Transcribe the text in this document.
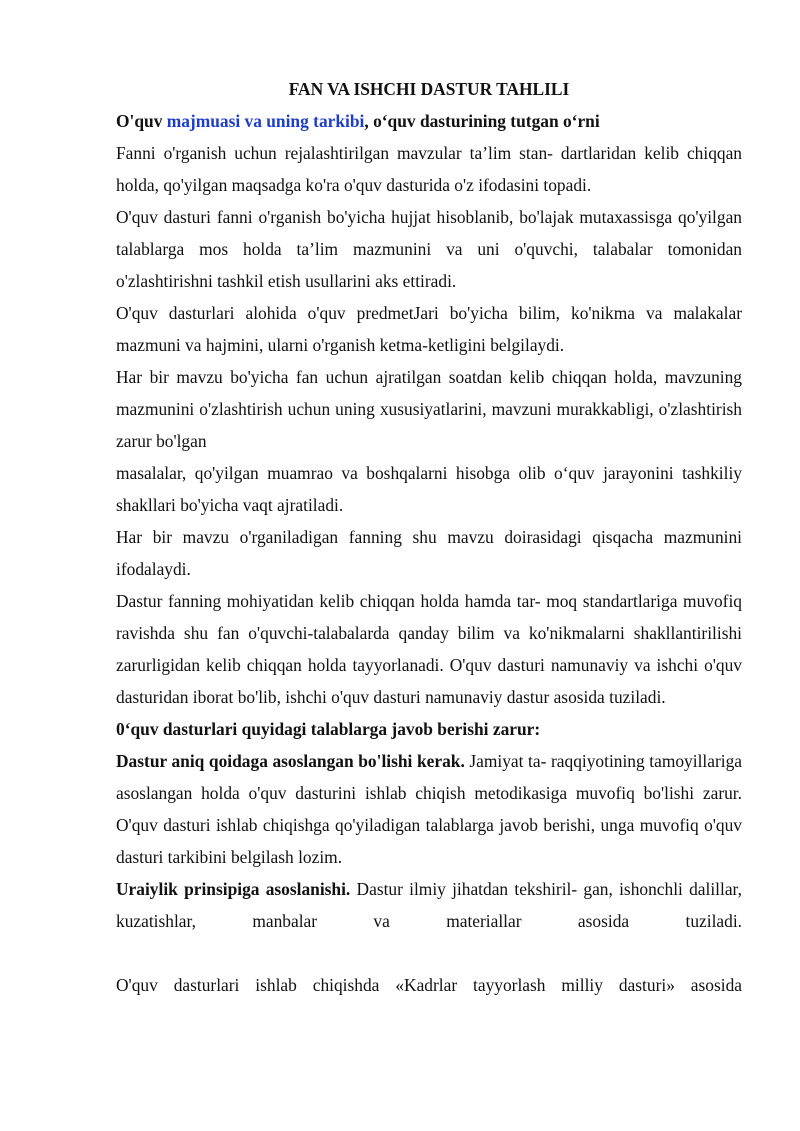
FAN VA ISHCHI DASTUR TAHLILI

O'quv majmuasi va uning tarkibi, o‘quv dasturining tutgan o‘rni

Fanni o'rganish uchun rejalashtirilgan mavzular ta’lim stan- dartlaridan kelib chiqqan holda, qo'yilgan maqsadga ko'ra o'quv dasturida o'z ifodasini topadi.

O'quv dasturi fanni o'rganish bo'yicha hujjat hisoblanib, bo'lajak mutaxassisga qo'yilgan talablarga mos holda ta’lim mazmunini va uni o'quvchi, talabalar tomonidan o'zlashtirishni tashkil etish usullarini aks ettiradi.

O'quv dasturlari alohida o'quv predmetJari bo'yicha bilim, ko'nikma va malakalar mazmuni va hajmini, ularni o'rganish ketma-ketligini belgilaydi.

Har bir mavzu bo'yicha fan uchun ajratilgan soatdan kelib chiqqan holda, mavzuning mazmunini o'zlashtirish uchun uning xususiyatlarini, mavzuni murakkabligi, o'zlashtirish zarur bo'lgan

masalalar, qo'yilgan muamrao va boshqalarni hisobga olib o‘quv jarayonini tashkiliy shakllari bo'yicha vaqt ajratiladi.

Har bir mavzu o'rganiladigan fanning shu mavzu doirasidagi qisqacha mazmunini ifodalaydi.

Dastur fanning mohiyatidan kelib chiqqan holda hamda tar- moq standartlariga muvofiq ravishda shu fan o'quvchi-talabalarda qanday bilim va ko'nikmalarni shakllantirilishi zarurligidan kelib chiqqan holda tayyorlanadi. O'quv dasturi namunaviy va ishchi o'quv dasturidan iborat bo'lib, ishchi o'quv dasturi namunaviy dastur asosida tuziladi.

0‘quv dasturlari quyidagi talablarga javob berishi zarur:

Dastur aniq qoidaga asoslangan bo'lishi kerak. Jamiyat ta- raqqiyotining tamoyillariga asoslangan holda o'quv dasturini ishlab chiqish metodikasiga muvofiq bo'lishi zarur. O'quv dasturi ishlab chiqishga qo'yiladigan talablarga javob berishi, unga muvofiq o'quv dasturi tarkibini belgilash lozim.

Uraiylik prinsipiga asoslanishi. Dastur ilmiy jihatdan tekshiril- gan, ishonchli dalillar, kuzatishlar, manbalar va materiallar asosida tuziladi.

O'quv dasturlari ishlab chiqishda «Kadrlar tayyorlash milliy dasturi» asosida
